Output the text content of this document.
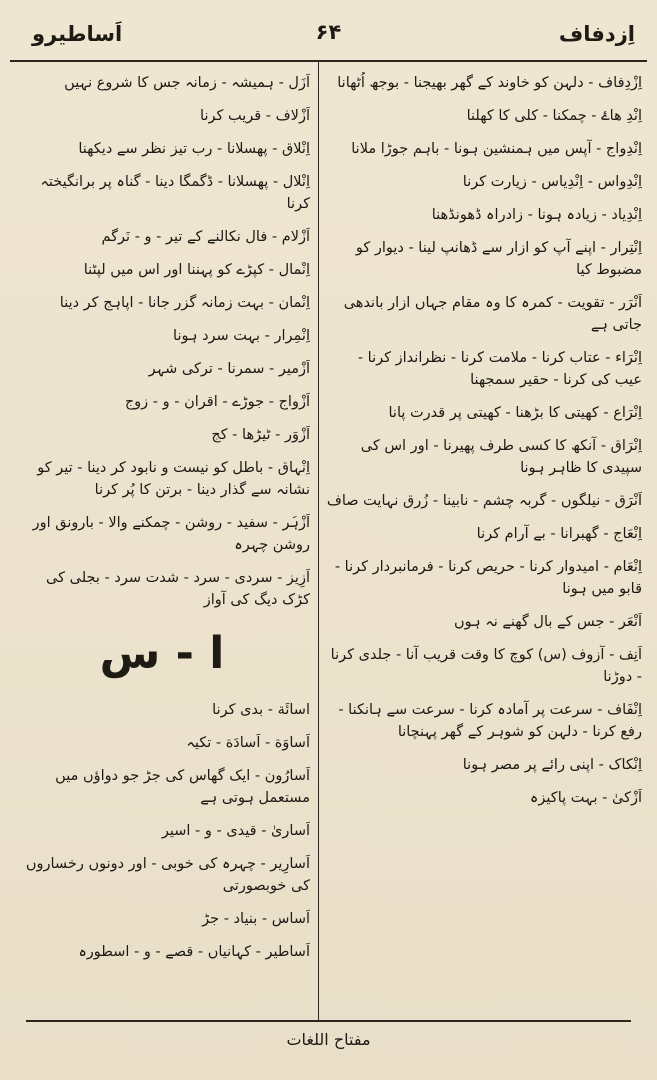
اَساطیرو	۶۴	اِزدفاف
اِزْدِفاف - دلہن کو خاوند کے گھر بھیجنا - بوجھ اُٹھانا
اِنْدِ ھاۓ - چمکنا - کلی کا کھلنا
اِنْدِواج - آپس میں ہمنشین ہونا - باہم جوڑا ملانا
اِنْدِواس - اِنْدِیاس - زیارت کرنا
اِنْدِیاد - زیادہ ہونا - زادراہ ڈھونڈھنا
اِنْتِرار - اپنے آپ کو ازار سے ڈھانپ لینا - دیوار کو مضبوط کیا
اَنْرَر - تقویت - کمرہ کا وہ مقام جہاں ازار باندھی جاتی ہے
اِنْرَاء - عتاب کرنا - ملامت کرنا - نظرانداز کرنا - عیب کی کرنا - حقیر سمجھنا
اِنْرَاع - کھیتی کا بڑھنا - کھیتی پر قدرت پانا
اِنْرَاق - آنکھ کا کسی طرف پھیرنا - اور اس کی سپیدی کا ظاہر ہونا
اَنْرَق - نیلگوں - گربہ چشم - نابینا - زُرق نہایت صاف
اِنْعَاج - گھبرانا - بے آرام کرنا
اِنْعَام - امیدوار کرنا - حریص کرنا - فرمانبردار کرنا - قابو میں ہونا
اَنْعَر - جس کے بال گھنے نہ ہوں
اَنِف - آزوف (س) کوچ کا وقت قریب آنا - جلدی کرنا - دوڑنا
اِنْفَاف - سرعت پر آمادہ کرنا - سرعت سے ہانکنا - رفع کرنا - دلہن کو شوہر کے گھر پہنچانا
اِنْکاک - اپنی رائے پر مصر ہونا
اَزْکیٰ - بہت پاکیزہ
اَزَل - ہمیشہ - زمانہ جس کا شروع نہیں
اَزْلاف - قریب کرنا
اِنْلاق - پھسلانا - رب تیز نظر سے دیکھنا
اِنْلال - پھسلانا - ڈگمگا دینا - گناہ پر برانگیختہ کرنا
اَزْلام - فال نکالنے کے تیر - و - نَرگم
اِنْمال - کپڑے کو پہننا اور اس میں لپٹنا
اِنْمان - بہت زمانہ گزر جانا - اپاہج کر دینا
اِنْمِرار - بہت سرد ہونا
اَزْمیر - سمرنا - ترکی شہر
اَزْواج - جوڑے - اقران - و - زوج
اَزْوَر - ٹیڑھا - کج
اِنْہاق - باطل کو نیست و نابود کر دینا - تیر کو نشانہ سے گذار دینا - برتن کا پُر کرنا
اَزْہَر - سفید - روشن - چمکنے والا - بارونق اور روشن چہرہ
اَزِیز - سردی - سرد - شدت سرد - بجلی کی کڑک دیگ کی آواز
ا - س
اسائَة - بدی کرنا
اَساوَة - اَسادَة - تکیہ
اَسارُون - ایک گھاس کی جڑ جو دواؤں میں مستعمل ہوتی ہے
اَساریٰ - قیدی - و - اسیر
اَسارِیر - چہرہ کی خوبی - اور دونوں رخساروں کی خوبصورتی
اَساس - بنیاد - جڑ
اَساطیر - کہانیاں - قصے - و - اسطورہ
مفتاح اللغات
